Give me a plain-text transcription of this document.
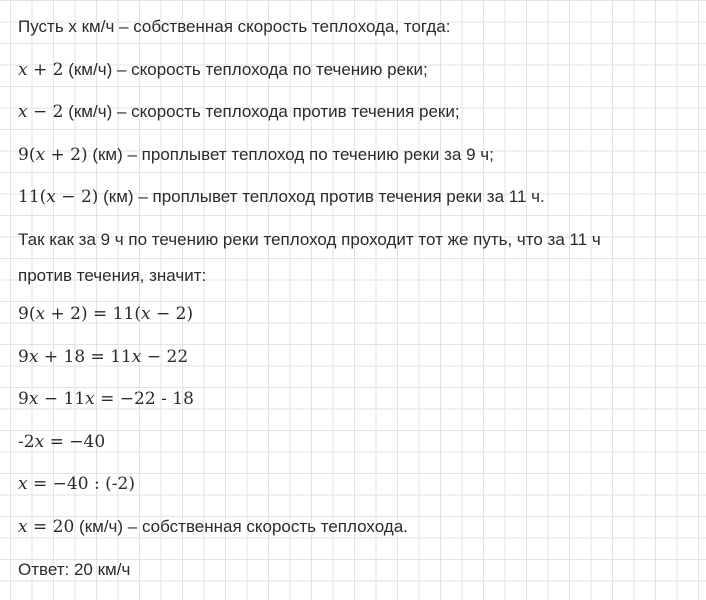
Пусть x км/ч – собственная скорость теплохода, тогда:
x + 2 (км/ч) – скорость теплохода по течению реки;
x − 2 (км/ч) – скорость теплохода против течения реки;
9(x + 2) (км) – проплывет теплоход по течению реки за 9 ч;
11(x − 2) (км) – проплывет теплоход против течения реки за 11 ч.
Так как за 9 ч по течению реки теплоход проходит тот же путь, что за 11 ч
против течения, значит:
9(x + 2) = 11(x − 2)
9x + 18 = 11x − 22
9x − 11x = −22 - 18
-2x = −40
x = −40 : (-2)
x = 20 (км/ч) – собственная скорость теплохода.
Ответ: 20 км/ч
